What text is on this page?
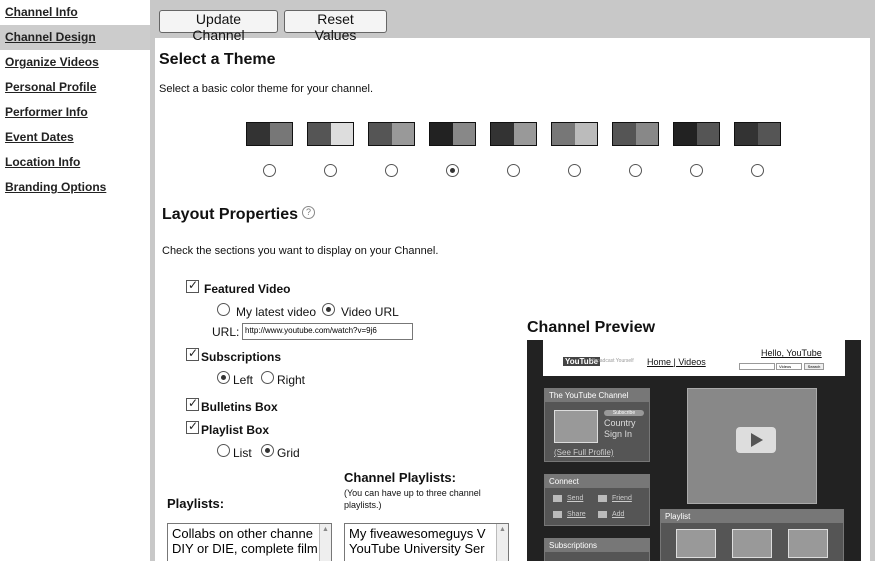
Channel Info
Channel Design
Organize Videos
Personal Profile
Performer Info
Event Dates
Location Info
Branding Options
Update Channel
Reset Values
Select a Theme
Select a basic color theme for your channel.
Layout Properties ?
Check the sections you want to display on your Channel.
✓
Featured Video
My latest video Video URL
URL: http://www.youtube.com/watch?v=9j6
✓
Subscriptions
Left Right
✓
Bulletins Box
✓
Playlist Box
List Grid
Playlists:
Collabs on other channe
DIY or DIE, complete film
▲
Channel Playlists:
(You can have up to three channel playlists.)
My fiveawesomeguys V
YouTube University Ser
▲
Channel Preview
YouTube
Broadcast Yourself Home | Videos
Hello, YouTube
Videos	Search
The YouTube Channel
Subscribe
Country
Sign In
(See Full Profile)
Connect
Send	Friend
Share	Add
Subscriptions
Playlist
